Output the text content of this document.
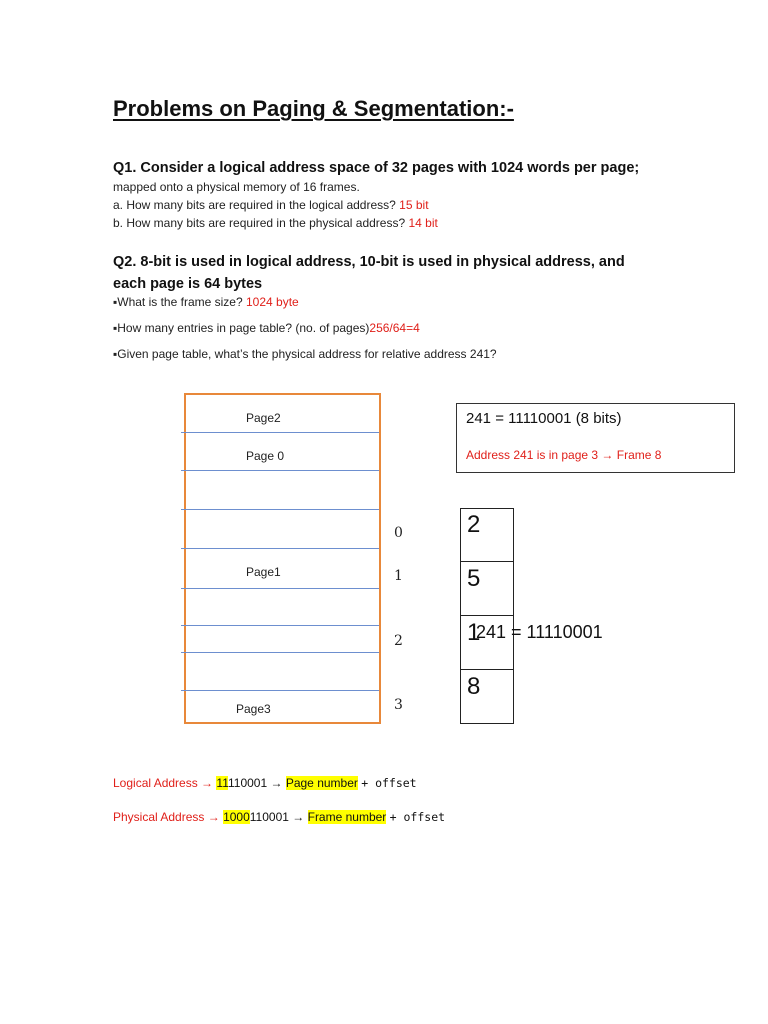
Problems on Paging & Segmentation:-
Q1. Consider a logical address space of 32 pages with 1024 words per page;
mapped onto a physical memory of 16 frames.
a. How many bits are required in the logical address? 15 bit
b. How many bits are required in the physical address? 14 bit
Q2. 8-bit is used in logical address, 10-bit is used in physical address, and
each page is 64 bytes
▪What is the frame size? 1024 byte
▪How many entries in page table? (no. of pages)256/64=4
▪Given page table, what’s the physical address for relative address 241?
Page2
Page 0
Page1
Page3
0
1
2
3
241 = 11110001 (8 bits)
Address 241 is in page 3 → Frame 8
2
5
1
8
241 = 11110001
Logical Address → 11110001 → Page number + offset
Physical Address → 1000110001 → Frame number + offset
